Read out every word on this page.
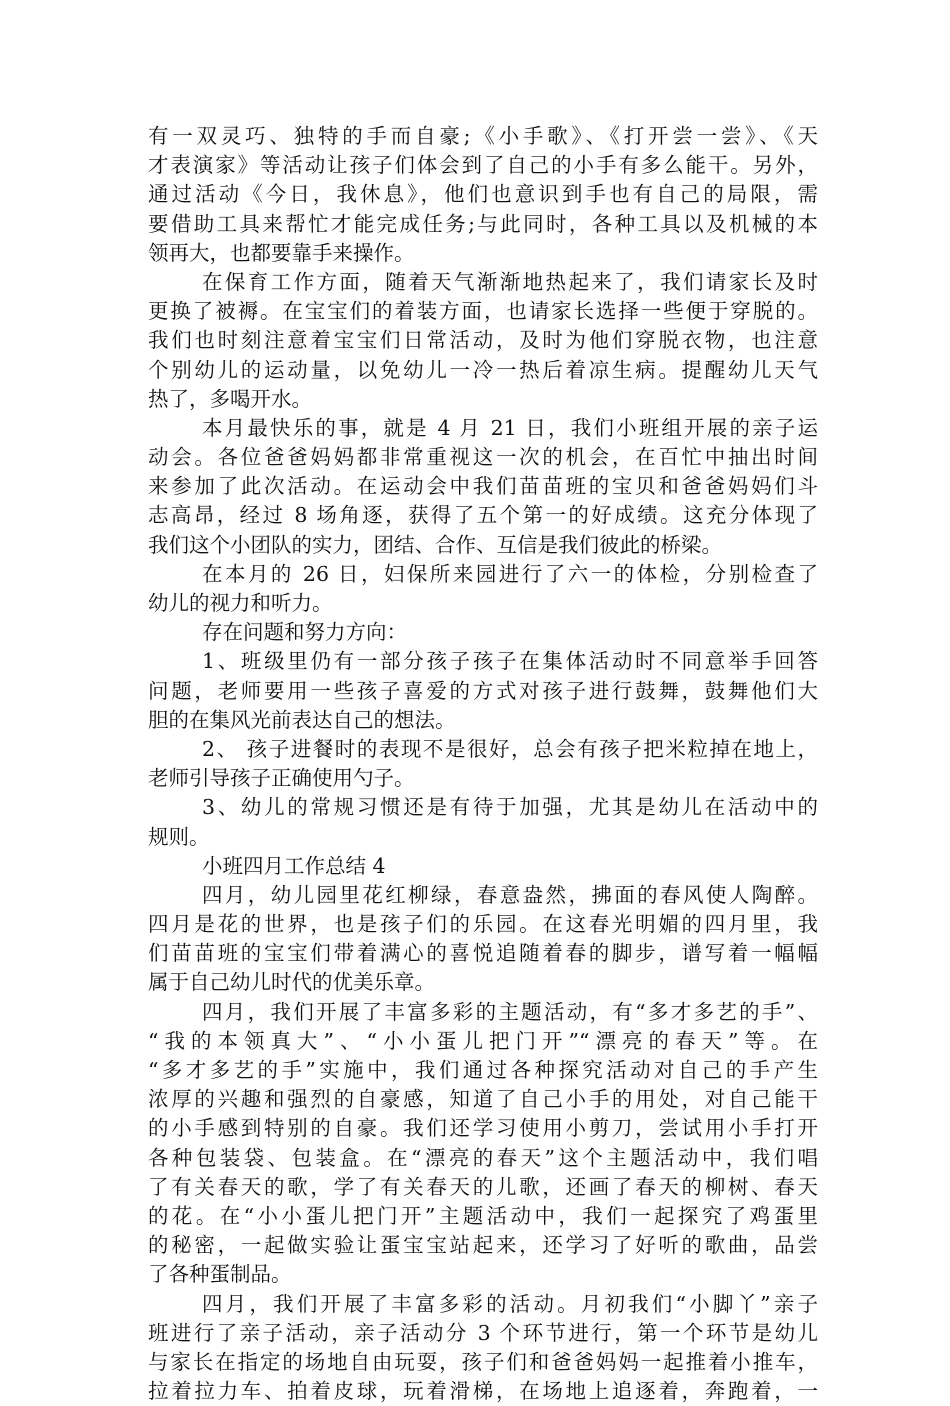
有一双灵巧、独特的手而自豪;《小手歌》、《打开尝一尝》、《天
才表演家》等活动让孩子们体会到了自己的小手有多么能干。另外，
通过活动《今日，我休息》，他们也意识到手也有自己的局限，需
要借助工具来帮忙才能完成任务;与此同时，各种工具以及机械的本
领再大，也都要靠手来操作。
在保育工作方面，随着天气渐渐地热起来了，我们请家长及时
更换了被褥。在宝宝们的着装方面，也请家长选择一些便于穿脱的。
我们也时刻注意着宝宝们日常活动，及时为他们穿脱衣物，也注意
个别幼儿的运动量，以免幼儿一冷一热后着凉生病。提醒幼儿天气
热了，多喝开水。
本月最快乐的事，就是 4 月 21 日，我们小班组开展的亲子运
动会。各位爸爸妈妈都非常重视这一次的机会，在百忙中抽出时间
来参加了此次活动。在运动会中我们苗苗班的宝贝和爸爸妈妈们斗
志高昂，经过 8 场角逐，获得了五个第一的好成绩。这充分体现了
我们这个小团队的实力，团结、合作、互信是我们彼此的桥梁。
在本月的 26 日，妇保所来园进行了六一的体检，分别检查了
幼儿的视力和听力。
存在问题和努力方向：
1、班级里仍有一部分孩子孩子在集体活动时不同意举手回答
问题，老师要用一些孩子喜爱的方式对孩子进行鼓舞，鼓舞他们大
胆的在集风光前表达自己的想法。
2、 孩子进餐时的表现不是很好，总会有孩子把米粒掉在地上，
老师引导孩子正确使用勺子。
3、幼儿的常规习惯还是有待于加强，尤其是幼儿在活动中的
规则。
小班四月工作总结 4
四月，幼儿园里花红柳绿，春意盎然，拂面的春风使人陶醉。
四月是花的世界，也是孩子们的乐园。在这春光明媚的四月里，我
们苗苗班的宝宝们带着满心的喜悦追随着春的脚步，谱写着一幅幅
属于自己幼儿时代的优美乐章。
四月，我们开展了丰富多彩的主题活动，有“多才多艺的手”、
“我的本领真大”、“小小蛋儿把门开”“漂亮的春天”等。在
“多才多艺的手”实施中，我们通过各种探究活动对自己的手产生
浓厚的兴趣和强烈的自豪感，知道了自己小手的用处，对自己能干
的小手感到特别的自豪。我们还学习使用小剪刀，尝试用小手打开
各种包装袋、包装盒。在“漂亮的春天”这个主题活动中，我们唱
了有关春天的歌，学了有关春天的儿歌，还画了春天的柳树、春天
的花。在“小小蛋儿把门开”主题活动中，我们一起探究了鸡蛋里
的秘密，一起做实验让蛋宝宝站起来，还学习了好听的歌曲，品尝
了各种蛋制品。
四月，我们开展了丰富多彩的活动。月初我们“小脚丫”亲子
班进行了亲子活动，亲子活动分 3 个环节进行，第一个环节是幼儿
与家长在指定的场地自由玩耍，孩子们和爸爸妈妈一起推着小推车，
拉着拉力车、拍着皮球，玩着滑梯，在场地上追逐着，奔跑着，一
